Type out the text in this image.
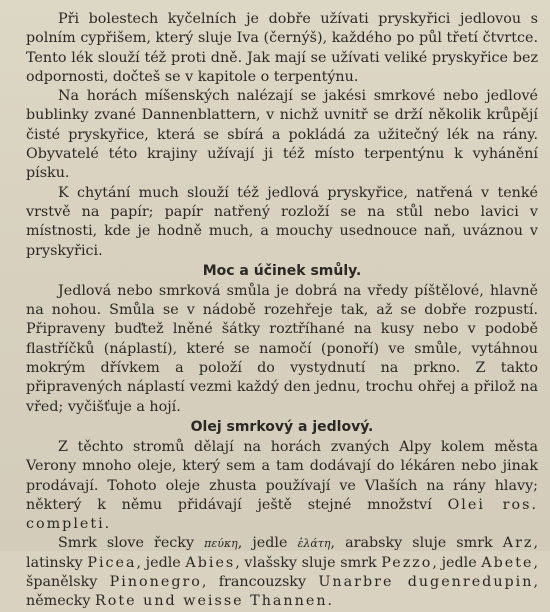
Při bolestech kyčelních je dobře užívati pryskyřici jedlovou s polním cypřišem, který sluje Iva (černýš), každého po půl třetí čtvrtce. Tento lék slouží též proti dně. Jak mají se užívati veliké pryskyřice bez odpornosti, dočteš se v kapitole o terpentýnu.

Na horách míšenských nalézají se jakési smrkové nebo jedlové bublinky zvané Dannenblattern, v nichž uvnitř se drží několik krůpějí čisté pryskyřice, která se sbírá a pokládá za užitečný lék na rány. Obyvatelé této krajiny užívají ji též místo terpentýnu k vyhánění písku.

K chytání much slouží též jedlová pryskyřice, natřená v tenké vrstvě na papír; papír natřený rozloží se na stůl nebo lavici v místnosti, kde je hodně much, a mouchy usednouce naň, uváznou v pryskyřici.

Moc a účinek smůly.

Jedlová nebo smrková smůla je dobrá na vředy píštělové, hlavně na nohou. Smůla se v nádobě rozehřeje tak, až se dobře rozpustí. Připraveny buďtež lněné šátky roztříhané na kusy nebo v podobě flastříčků (náplastí), které se namočí (ponoří) ve smůle, vytáhnou mokrým dřívkem a položí do vystydnutí na prkno. Z takto připravených náplastí vezmi každý den jednu, trochu ohřej a přilož na vřed; vyčišťuje a hojí.

Olej smrkový a jedlový.

Z těchto stromů dělají na horách zvaných Alpy kolem města Verony mnoho oleje, který sem a tam dodávají do lékáren nebo jinak prodávají. Tohoto oleje zhusta používají ve Vlaších na rány hlavy; některý k němu přidávají ještě stejné množství Olei ros. completi.

Smrk slove řecky πεύκη, jedle ἐλάτη, arabsky sluje smrk Arz, latinsky Picea, jedle Abies, vlašsky sluje smrk Pezzo, jedle Abete, španělsky Pinonegro, francouzsky Unarbre dugenredupin, německy Rote und weisse Thannen.
